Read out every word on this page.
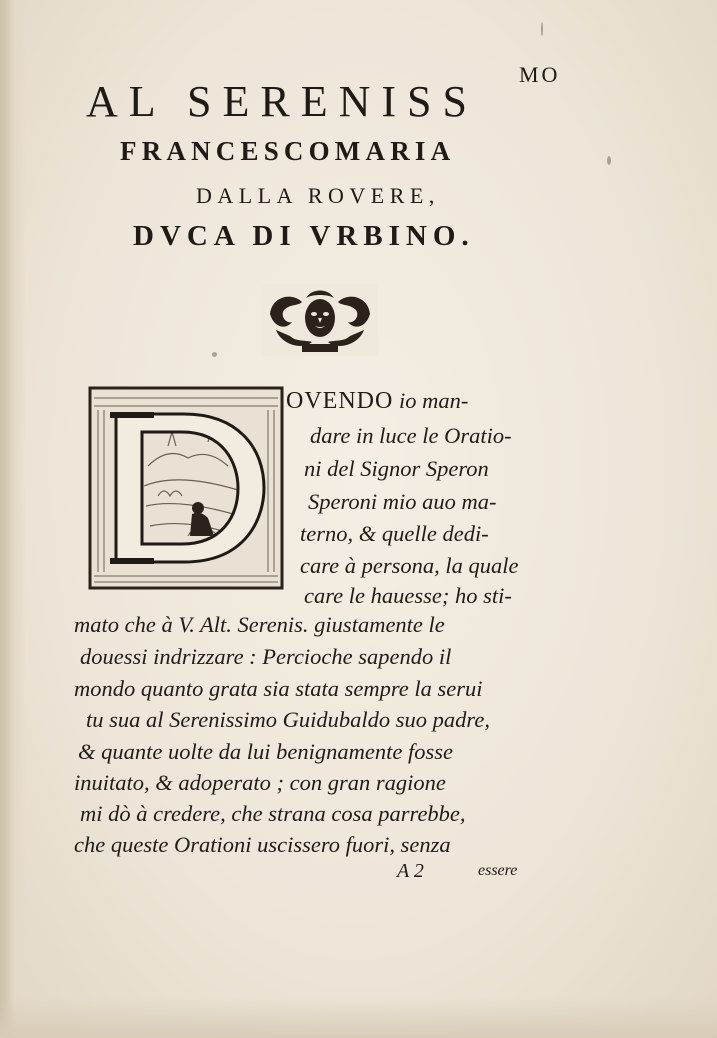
MO
AL SERENISS
FRANCESCOMARIA
DALLA ROVERE,
DVCA DI VRBINO.
OVENDO io man-
dare in luce le Oratio-
ni del Signor Speron
Speroni mio auo ma-
terno, & quelle dedi-
care à persona, la quale
care le hauesse; ho sti-
mato che à V. Alt. Serenis. giustamente le
douessi indrizzare : Percioche sapendo il
mondo quanto grata sia stata sempre la serui
tu sua al Serenissimo Guidubaldo suo padre,
& quante uolte da lui benignamente fosse
inuitato, & adoperato ; con gran ragione
mi dò à credere, che strana cosa parrebbe,
che queste Orationi uscissero fuori, senza
A 2	essere
